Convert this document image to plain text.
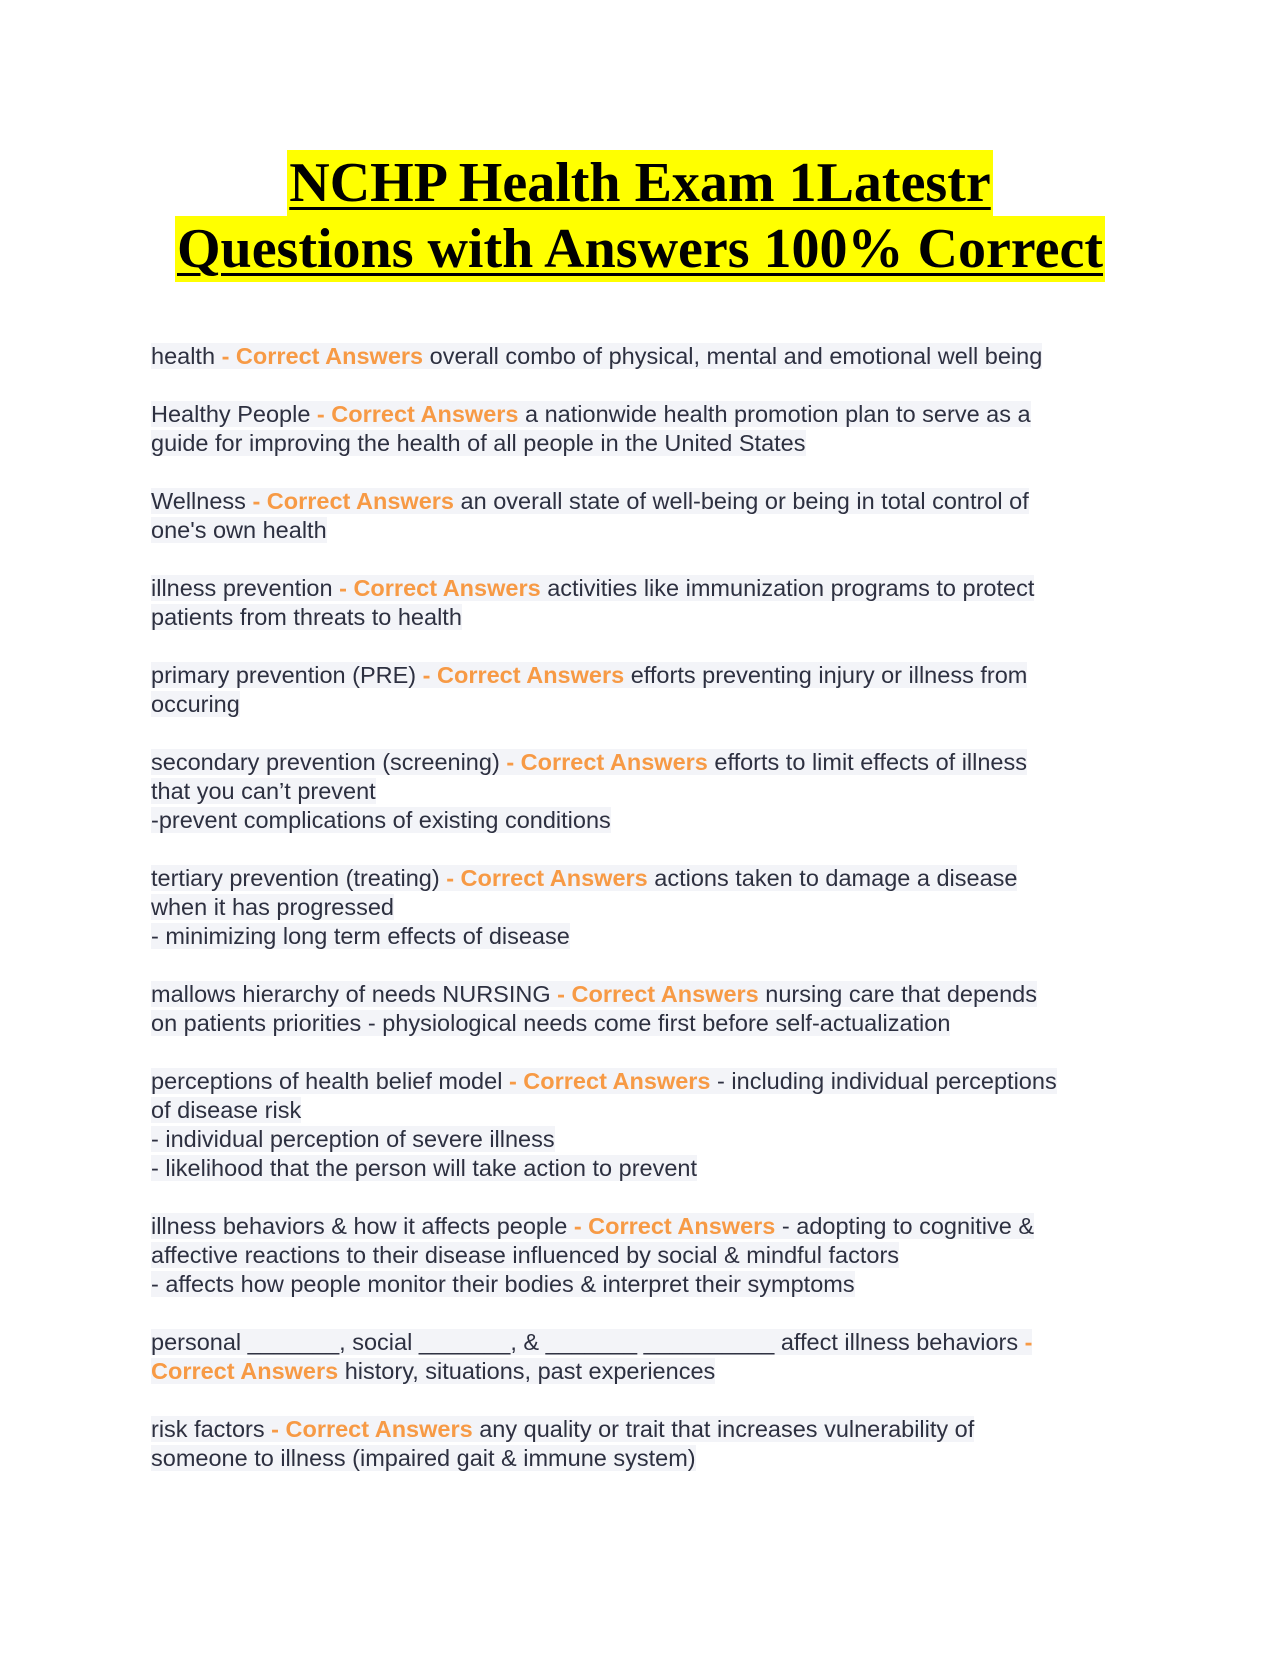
NCHP Health Exam 1Latestr
Questions with Answers 100% Correct
health - Correct Answers overall combo of physical, mental and emotional well being
Healthy People - Correct Answers a nationwide health promotion plan to serve as a
guide for improving the health of all people in the United States
Wellness - Correct Answers an overall state of well-being or being in total control of
one's own health
illness prevention - Correct Answers activities like immunization programs to protect
patients from threats to health
primary prevention (PRE) - Correct Answers efforts preventing injury or illness from
occuring
secondary prevention (screening) - Correct Answers efforts to limit effects of illness
that you can’t prevent
-prevent complications of existing conditions
tertiary prevention (treating) - Correct Answers actions taken to damage a disease
when it has progressed
- minimizing long term effects of disease
mallows hierarchy of needs NURSING - Correct Answers nursing care that depends
on patients priorities - physiological needs come first before self-actualization
perceptions of health belief model - Correct Answers - including individual perceptions
of disease risk
- individual perception of severe illness
- likelihood that the person will take action to prevent
illness behaviors & how it affects people - Correct Answers - adopting to cognitive &
affective reactions to their disease influenced by social & mindful factors
- affects how people monitor their bodies & interpret their symptoms
personal _______, social _______, & _______ __________ affect illness behaviors -
Correct Answers history, situations, past experiences
risk factors - Correct Answers any quality or trait that increases vulnerability of
someone to illness (impaired gait & immune system)
